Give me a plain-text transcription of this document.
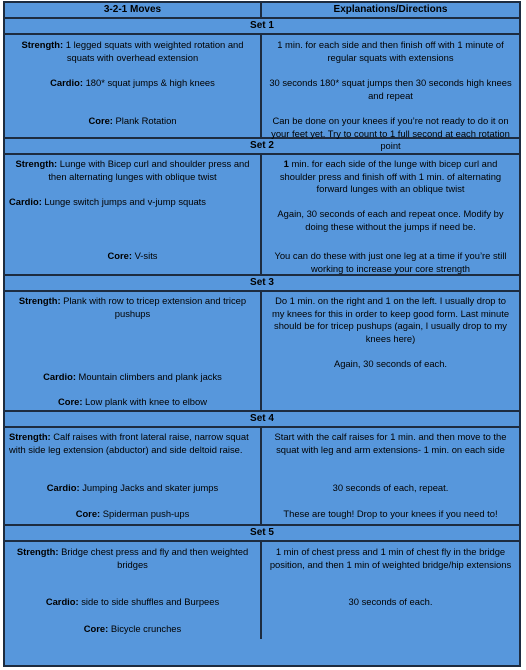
3-2-1 Moves	Explanations/Directions
Set 1
Strength: 1 legged squats with weighted rotation and squats with overhead extension
Cardio: 180* squat jumps & high knees
Core: Plank Rotation
1 min. for each side and then finish off with 1 minute of regular squats with extensions
30 seconds 180* squat jumps then 30 seconds high knees and repeat
Can be done on your knees if you’re not ready to do it on your feet yet. Try to count to 1 full second at each rotation point
Set 2
Strength: Lunge with Bicep curl and shoulder press and then alternating lunges with oblique twist
Cardio: Lunge switch jumps and v-jump squats
Core: V-sits
1 min. for each side of the lunge with bicep curl and shoulder press and finish off with 1 min. of alternating forward lunges with an oblique twist
Again, 30 seconds of each and repeat once. Modify by doing these without the jumps if need be.
You can do these with just one leg at a time if you’re still working to increase your core strength
Set 3
Strength: Plank with row to tricep extension and tricep pushups
Cardio: Mountain climbers and plank jacks
Core: Low plank with knee to elbow
Do 1 min. on the right and 1 on the left. I usually drop to my knees for this in order to keep good form. Last minute should be for tricep pushups (again, I usually drop to my knees here)
Again, 30 seconds of each.
Set 4
Strength: Calf raises with front lateral raise, narrow squat with side leg extension (abductor) and side deltoid raise.
Cardio: Jumping Jacks and skater jumps
Core: Spiderman push-ups
Start with the calf raises for 1 min. and then move to the squat with leg and arm extensions- 1 min. on each side
30 seconds of each, repeat.
These are tough! Drop to your knees if you need to!
Set 5
Strength: Bridge chest press and fly and then weighted bridges
Cardio: side to side shuffles and Burpees
Core: Bicycle crunches
1 min of chest press and 1 min of chest fly in the bridge position, and then 1 min of weighted bridge/hip extensions
30 seconds of each.
